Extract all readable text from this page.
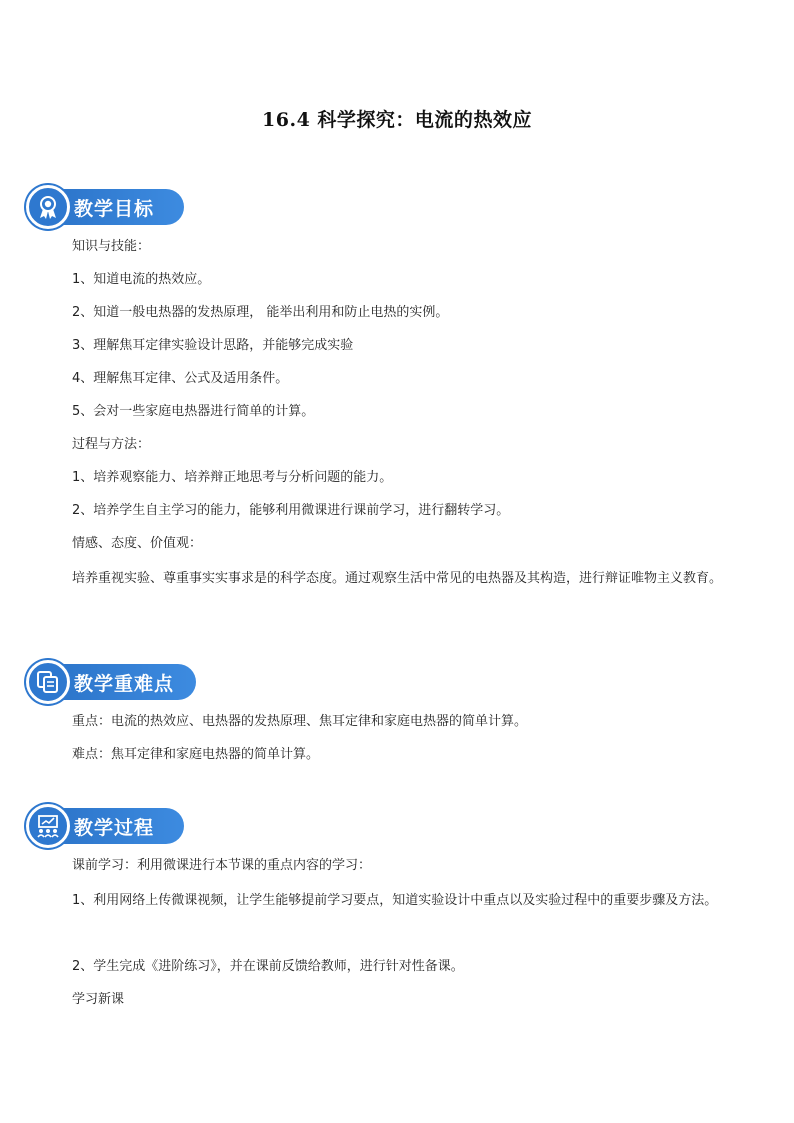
16.4 科学探究：电流的热效应
教学目标

知识与技能：

1、知道电流的热效应。

2、知道一般电热器的发热原理， 能举出利用和防止电热的实例。

3、理解焦耳定律实验设计思路，并能够完成实验

4、理解焦耳定律、公式及适用条件。

5、会对一些家庭电热器进行简单的计算。

过程与方法：

1、培养观察能力、培养辩正地思考与分析问题的能力。

2、培养学生自主学习的能力，能够利用微课进行课前学习，进行翻转学习。

情感、态度、价值观：

培养重视实验、尊重事实实事求是的科学态度。通过观察生活中常见的电热器及其构造，进行辩证唯物主义教育。

教学重难点

重点：电流的热效应、电热器的发热原理、焦耳定律和家庭电热器的简单计算。

难点：焦耳定律和家庭电热器的简单计算。

教学过程

课前学习：利用微课进行本节课的重点内容的学习：

1、利用网络上传微课视频，让学生能够提前学习要点，知道实验设计中重点以及实验过程中的重要步骤及方法。

2、学生完成《进阶练习》，并在课前反馈给教师，进行针对性备课。

学习新课
